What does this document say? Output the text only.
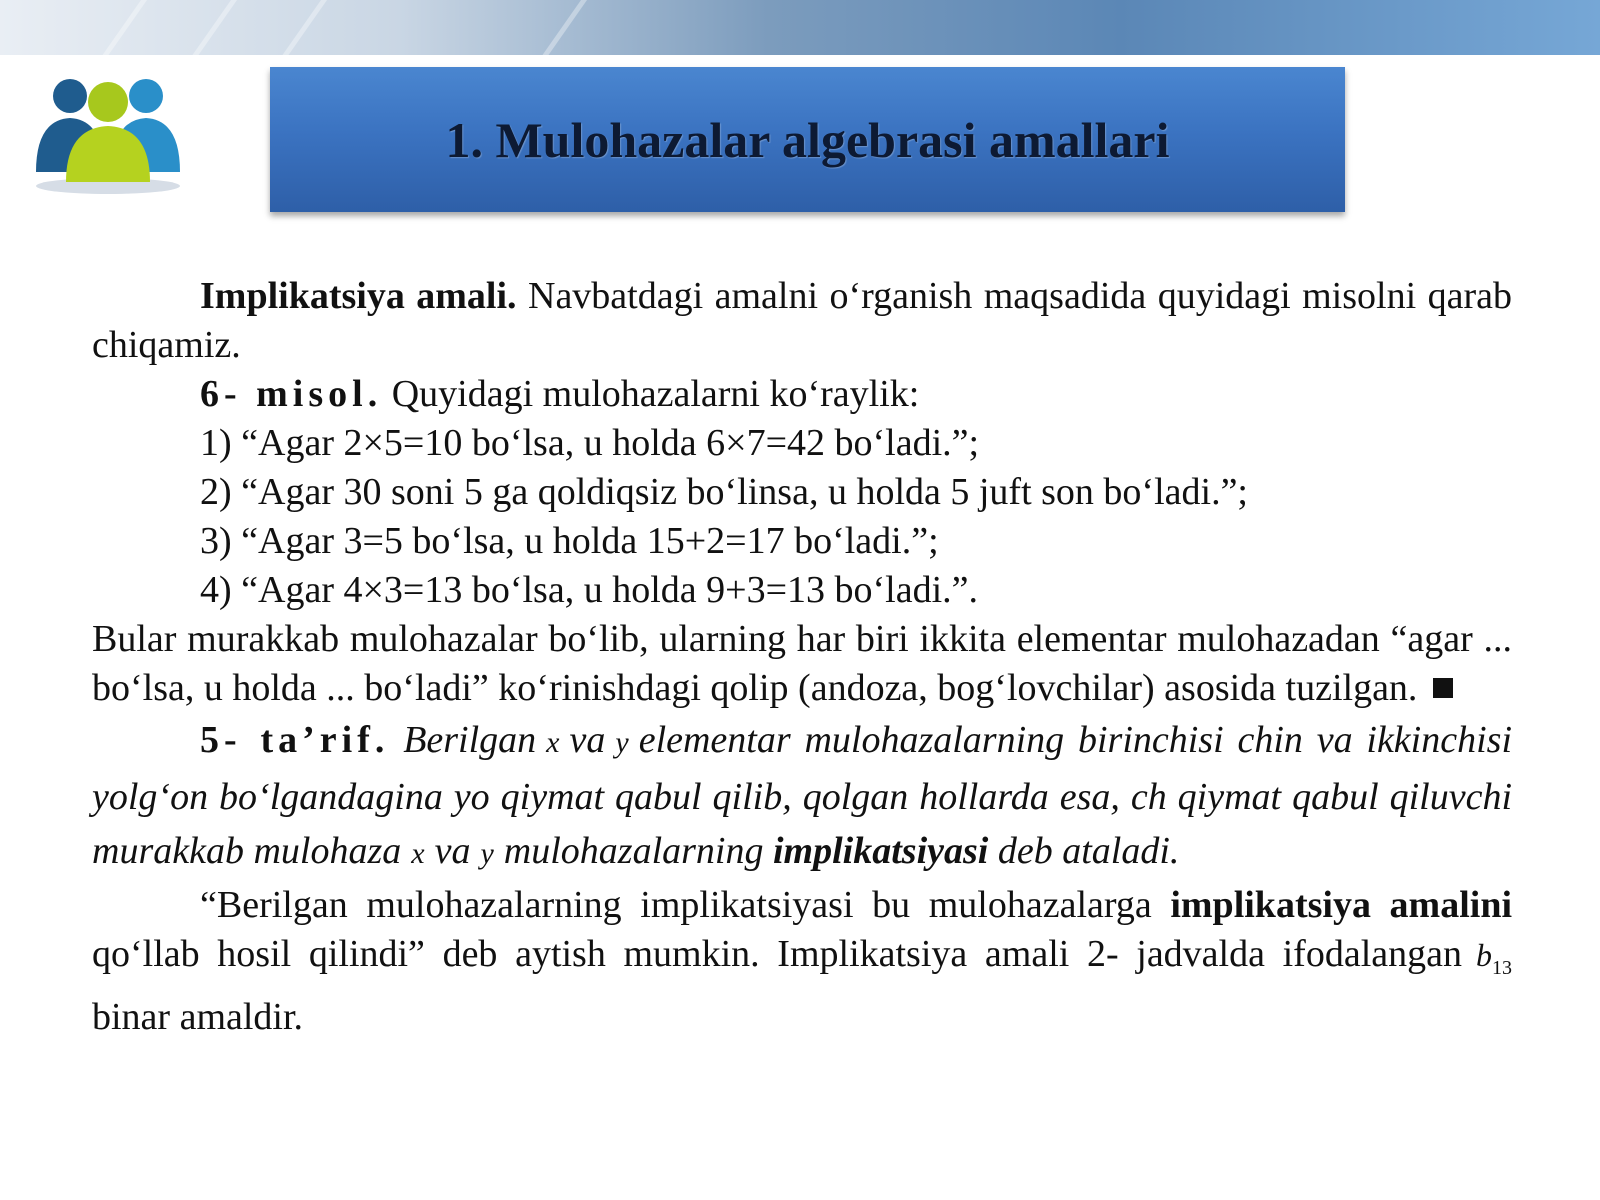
1. Mulohazalar algebrasi amallari

Implikatsiya amali. Navbatdagi amalni o‘rganish maqsadida quyidagi misolni qarab chiqamiz.

6- misol. Quyidagi mulohazalarni ko‘raylik:

1) “Agar 2×5=10 bo‘lsa, u holda 6×7=42 bo‘ladi.”;

2) “Agar 30 soni 5 ga qoldiqsiz bo‘linsa, u holda 5 juft son bo‘ladi.”;

3) “Agar 3=5 bo‘lsa, u holda 15+2=17 bo‘ladi.”;

4) “Agar 4×3=13 bo‘lsa, u holda 9+3=13 bo‘ladi.”.

Bular murakkab mulohazalar bo‘lib, ularning har biri ikkita elementar mulohazadan “agar ... bo‘lsa, u holda ... bo‘ladi” ko‘rinishdagi qolip (andoza, bog‘lovchilar) asosida tuzilgan.

5- ta’rif. Berilgan x va y elementar mulohazalarning birinchisi chin va ikkinchisi yolg‘on bo‘lgandagina yo qiymat qabul qilib, qolgan hollarda esa, ch qiymat qabul qiluvchi murakkab mulohaza x va y mulohazalarning implikatsiyasi deb ataladi.

“Berilgan mulohazalarning implikatsiyasi bu mulohazalarga implikatsiya amalini qo‘llab hosil qilindi” deb aytish mumkin. Implikatsiya amali 2- jadvalda ifodalangan $b_{13}$ binar amaldir.
